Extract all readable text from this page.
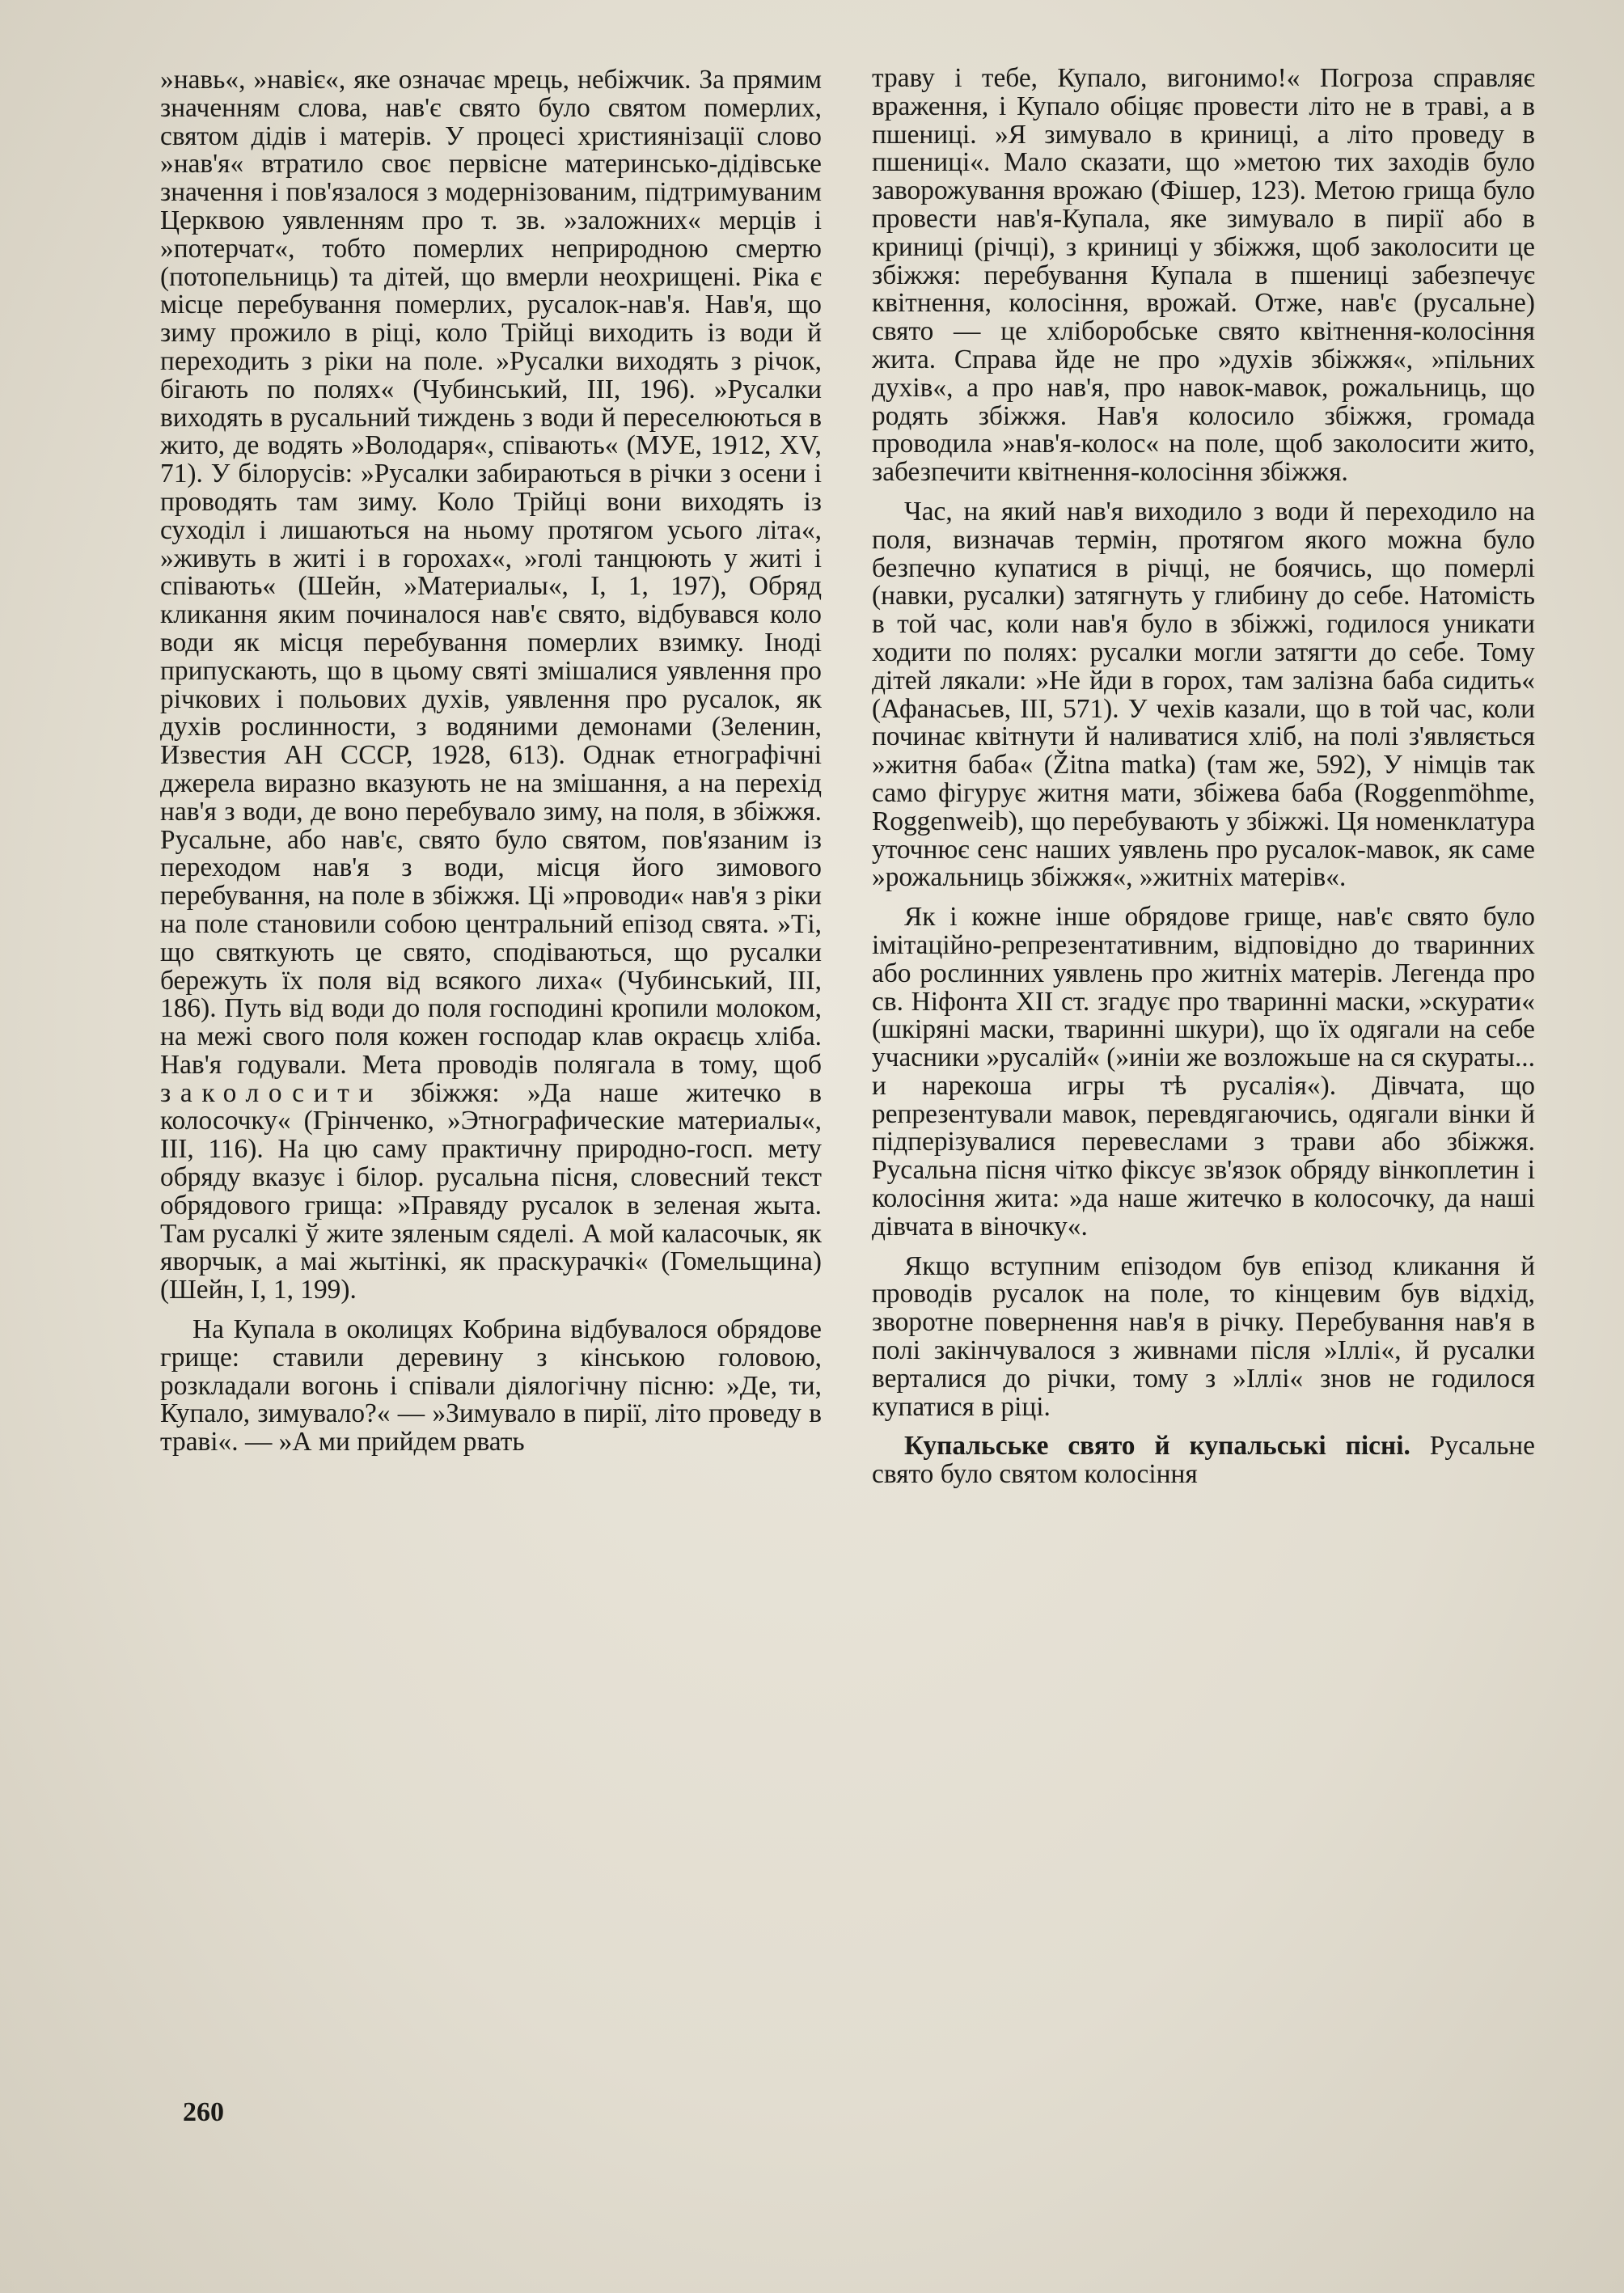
»навь«, »навіє«, яке означає мрець, небіжчик. За прямим значенням слова, нав'є свято було святом померлих, святом дідів і матерів. У процесі християнізації слово »нав'я« втратило своє первісне материнсько-дідівське значення і пов'язалося з модернізованим, підтримуваним Церквою уявленням про т. зв. »заложних« мерців і »потерчат«, тобто померлих неприродною смертю (потопельниць) та дітей, що вмерли неохрищені. Ріка є місце перебування померлих, русалок-нав'я. Нав'я, що зиму прожило в ріці, коло Трійці виходить із води й переходить з ріки на поле. »Русалки виходять з річок, бігають по полях« (Чубинський, III, 196). »Русалки виходять в русальний тиждень з води й переселюються в жито, де водять »Володаря«, співають« (МУЕ, 1912, XV, 71). У білорусів: »Русалки забираються в річки з осени і проводять там зиму. Коло Трійці вони виходять із суходіл і лишаються на ньому протягом усього літа«, »живуть в житі і в горохах«, »голі танцюють у житі і співають« (Шейн, »Материалы«, I, 1, 197), Обряд кликання яким починалося нав'є свято, відбувався коло води як місця перебування померлих взимку. Іноді припускають, що в цьому святі змішалися уявлення про річкових і польових духів, уявлення про русалок, як духів рослинности, з водяними демонами (Зеленин, Известия АН СССР, 1928, 613). Однак етнографічні джерела виразно вказують не на змішання, а на перехід нав'я з води, де воно перебувало зиму, на поля, в збіжжя. Русальне, або нав'є, свято було святом, пов'язаним із переходом нав'я з води, місця його зимового перебування, на поле в збіжжя. Ці »проводи« нав'я з ріки на поле становили собою центральний епізод свята. »Ті, що святкують це свято, сподіваються, що русалки бережуть їх поля від всякого лиха« (Чубинський, III, 186). Путь від води до поля господині кропили молоком, на межі свого поля кожен господар клав окраєць хліба. Нав'я годували. Мета проводів полягала в тому, щоб заколосити збіжжя: »Да наше житечко в колосочку« (Грінченко, »Этнографические материалы«, III, 116). На цю саму практичну природно-госп. мету обряду вказує і білор. русальна пісня, словесний текст обрядового грища: »Правяду русалок в зеленая жыта. Там русалкі ў жите зяленым сяделі. А мой каласочык, як яворчык, а маі жытінкі, як праскурачкі« (Гомельщина) (Шейн, I, 1, 199).

На Купала в околицях Кобрина відбувалося обрядове грище: ставили деревину з кінською головою, розкладали вогонь і співали діялогічну пісню: »Де, ти, Купало, зимувало?« — »Зимувало в пирії, літо проведу в траві«. — »А ми прийдем рвать

траву і тебе, Купало, вигонимо!« Погроза справляє враження, і Купало обіцяє провести літо не в траві, а в пшениці. »Я зимувало в криниці, а літо проведу в пшениці«. Мало сказати, що »метою тих заходів було заворожування врожаю (Фішер, 123). Метою грища було провести нав'я-Купала, яке зимувало в пирії або в криниці (річці), з криниці у збіжжя, щоб заколосити це збіжжя: перебування Купала в пшениці забезпечує квітнення, колосіння, врожай. Отже, нав'є (русальне) свято — це хліборобське свято квітнення-колосіння жита. Справа йде не про »духів збіжжя«, »пільних духів«, а про нав'я, про навок-мавок, рожальниць, що родять збіжжя. Нав'я колосило збіжжя, громада проводила »нав'я-колос« на поле, щоб заколосити жито, забезпечити квітнення-колосіння збіжжя.

Час, на який нав'я виходило з води й переходило на поля, визначав термін, протягом якого можна було безпечно купатися в річці, не боячись, що померлі (навки, русалки) затягнуть у глибину до себе. Натомість в той час, коли нав'я було в збіжжі, годилося уникати ходити по полях: русалки могли затягти до себе. Тому дітей лякали: »Не йди в горох, там залізна баба сидить« (Афанасьев, III, 571). У чехів казали, що в той час, коли починає квітнути й наливатися хліб, на полі з'являється »житня баба« (Žitna matka) (там же, 592), У німців так само фігурує житня мати, збіжева баба (Roggenmöhme, Roggenweib), що перебувають у збіжжі. Ця номенклатура уточнює сенс наших уявлень про русалок-мавок, як саме »рожальниць збіжжя«, »житніх матерів«.

Як і кожне інше обрядове грище, нав'є свято було імітаційно-репрезентативним, відповідно до тваринних або рослинних уявлень про житніх матерів. Легенда про св. Ніфонта XII ст. згадує про тваринні маски, »скурати« (шкіряні маски, тваринні шкури), що їх одягали на себе учасники »русалій« (»иніи же возложьше на ся скураты... и нарекоша игры тѣ русалія«). Дівчата, що репрезентували мавок, перевдягаючись, одягали вінки й підперізувалися перевеслами з трави або збіжжя. Русальна пісня чітко фіксує зв'язок обряду вінкоплетин і колосіння жита: »да наше житечко в колосочку, да наші дівчата в віночку«.

Якщо вступним епізодом був епізод кликання й проводів русалок на поле, то кінцевим був відхід, зворотне повернення нав'я в річку. Перебування нав'я в полі закінчувалося з живнами після »Іллі«, й русалки верталися до річки, тому з »Іллі« знов не годилося купатися в ріці.

Купальське свято й купальські пісні. Русальне свято було святом колосіння

260
